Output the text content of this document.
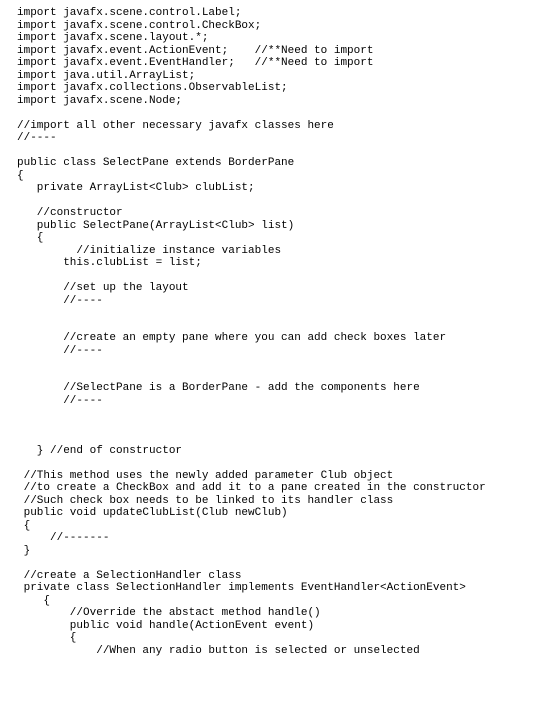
import javafx.scene.control.Label;
import javafx.scene.control.CheckBox;
import javafx.scene.layout.*;
import javafx.event.ActionEvent;    //**Need to import
import javafx.event.EventHandler;   //**Need to import
import java.util.ArrayList;
import javafx.collections.ObservableList;
import javafx.scene.Node;
//import all other necessary javafx classes here
//----
public class SelectPane extends BorderPane
{
private ArrayList<Club> clubList;
//constructor
public SelectPane(ArrayList<Club> list)
{
//initialize instance variables
this.clubList = list;
//set up the layout
//----
//create an empty pane where you can add check boxes later
//----
//SelectPane is a BorderPane - add the components here
//----
} //end of constructor
//This method uses the newly added parameter Club object
//to create a CheckBox and add it to a pane created in the constructor
//Such check box needs to be linked to its handler class
public void updateClubList(Club newClub)
{
//-------
}
//create a SelectionHandler class
private class SelectionHandler implements EventHandler<ActionEvent>
{
//Override the abstact method handle()
public void handle(ActionEvent event)
{
//When any radio button is selected or unselected
